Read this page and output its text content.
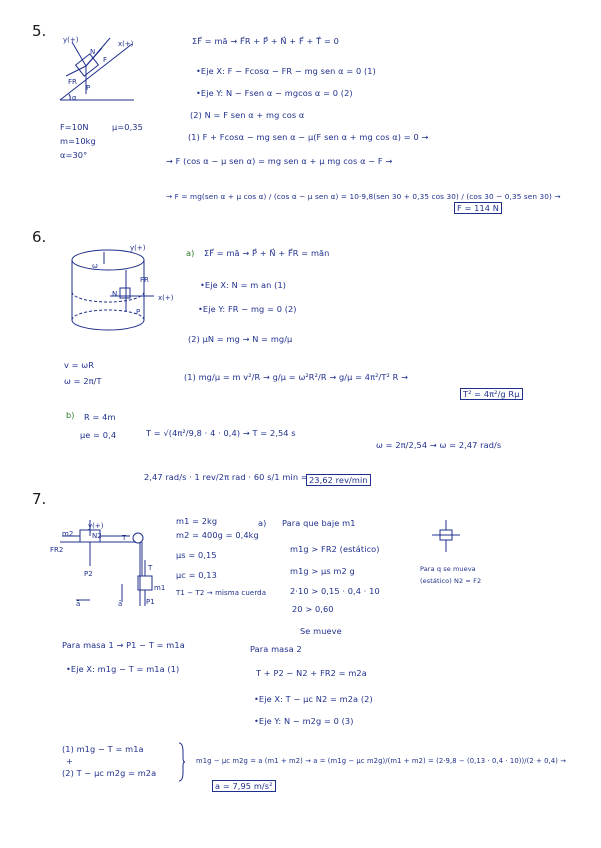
5. y(+)	x(+)
F
N
FR
P
α
F=10N	μ=0,35
m=10kg
α=30°
ΣF⃗ = mā → F⃗R + P⃗ + N⃗ + F⃗ + T⃗ = 0
•Eje X: F − Fcosα − FR − mg sen α = 0 (1)
•Eje Y: N − Fsen α − mgcos α = 0 (2)
(2) N = F sen α + mg cos α
(1) F + Fcosα − mg sen α − μ(F sen α + mg cos α) = 0 →
→ F (cos α − μ sen α) = mg sen α + μ mg cos α − F →
→ F = mg(sen α + μ cos α) / (cos α − μ sen α) = 10·9,8(sen 30 + 0,35 cos 30) / (cos 30 − 0,35 sen 30) →
F = 114 N
6.
y(+)
x(+)
ω
FR
N
P
v = ωR
ω = 2π/T
a) ΣF⃗ = mā → P⃗ + N⃗ + F⃗R = mān
•Eje X: N = m an (1)
•Eje Y: FR − mg = 0 (2)
(2) μN = mg → N = mg/μ
(1) mg/μ = m v²/R → g/μ = ω²R²/R → g/μ = 4π²/T² R →
T² = 4π²/g Rμ
b) R = 4m
μe = 0,4	T = √(4π²/9,8 · 4 · 0,4) → T = 2,54 s
ω = 2π/2,54 → ω = 2,47 rad/s
2,47 rad/s · 1 rev/2π rad · 60 s/1 min = 23,62 rev/min
7.
y(+)
m2	N2
FR2
P2
T
T
m1
P1
ā	ā
m1 = 2kg
m2 = 400g = 0,4kg
μs = 0,15
μc = 0,13
T1 − T2 → misma cuerda
a) Para que baje m1
m1g > FR2 (estático)
m1g > μs m2 g
2·10 > 0,15 · 0,4 · 10
20 > 0,60
Se mueve
Para q se mueva
(estático) N2 = F2
Para masa 1 → P1 − T = m1a
•Eje X: m1g − T = m1a (1)
Para masa 2
T + P2 − N2 + FR2 = m2a
•Eje X: T − μc N2 = m2a (2)
•Eje Y: N − m2g = 0 (3)
(1) m1g − T = m1a
+
(2) T − μc m2g = m2a
m1g − μc m2g = a (m1 + m2) → a = (m1g − μc m2g)/(m1 + m2) = (2·9,8 − (0,13 · 0,4 · 10))/(2 + 0,4) →
a = 7,95 m/s²
